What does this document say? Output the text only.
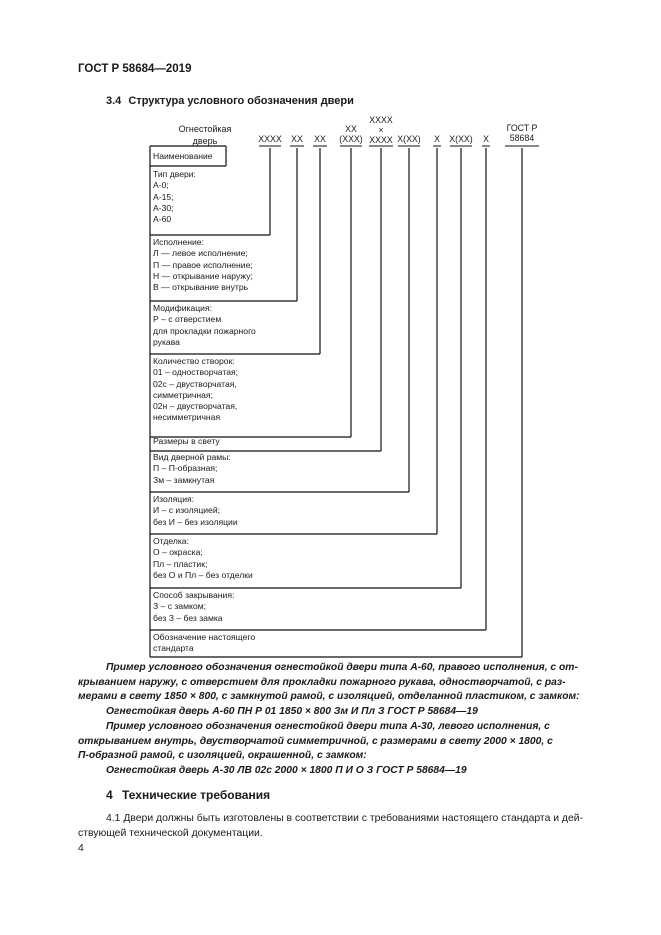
ГОСТ Р 58684—2019
3.4 Структура условного обозначения двери
Огнестойкая
дверь	XXXX	XX	XX
XX
(XXX)
XXXX
×
XXXX X(XX)	X	X(XX)	X
ГОСТ Р
58684
Наименование
Тип двери:
А-0;
А-15;
А-30;
А-60
Исполнение:
Л — левое исполнение;
П — правое исполнение;
Н — открывание наружу;
В — открывание внутрь
Модификация:
Р – с отверстием
для прокладки пожарного
рукава
Количество створок:
01 – одностворчатая;
02с – двустворчатая,
симметричная;
02н – двустворчатая,
несимметричная
Размеры в свету
Вид дверной рамы:
П – П-образная;
Зм – замкнутая
Изоляция:
И – с изоляцией;
без И – без изоляции
Отделка:
О – окраска;
Пл – пластик;
без О и Пл – без отделки
Способ закрывания:
З – с замком;
без З – без замка
Обозначение настоящего
стандарта
Пример условного обозначения огнестойкой двери типа А-60, правого исполнения, с от-
крыванием наружу, с отверстием для прокладки пожарного рукава, одностворчатой, с раз-
мерами в свету 1850 × 800, с замкнутой рамой, с изоляцией, отделанной пластиком, с замком:
Огнестойкая дверь А-60 ПН Р 01 1850 × 800 Зм И Пл З ГОСТ Р 58684—19
Пример условного обозначения огнестойкой двери типа А-30, левого исполнения, с
открыванием внутрь, двустворчатой симметричной, с размерами в свету 2000 × 1800, с
П-образной рамой, с изоляцией, окрашенной, с замком:
Огнестойкая дверь А-30 ЛВ 02с 2000 × 1800 П И О З ГОСТ Р 58684—19
4 Технические требования
4.1 Двери должны быть изготовлены в соответствии с требованиями настоящего стандарта и дей-
ствующей технической документации.
4
